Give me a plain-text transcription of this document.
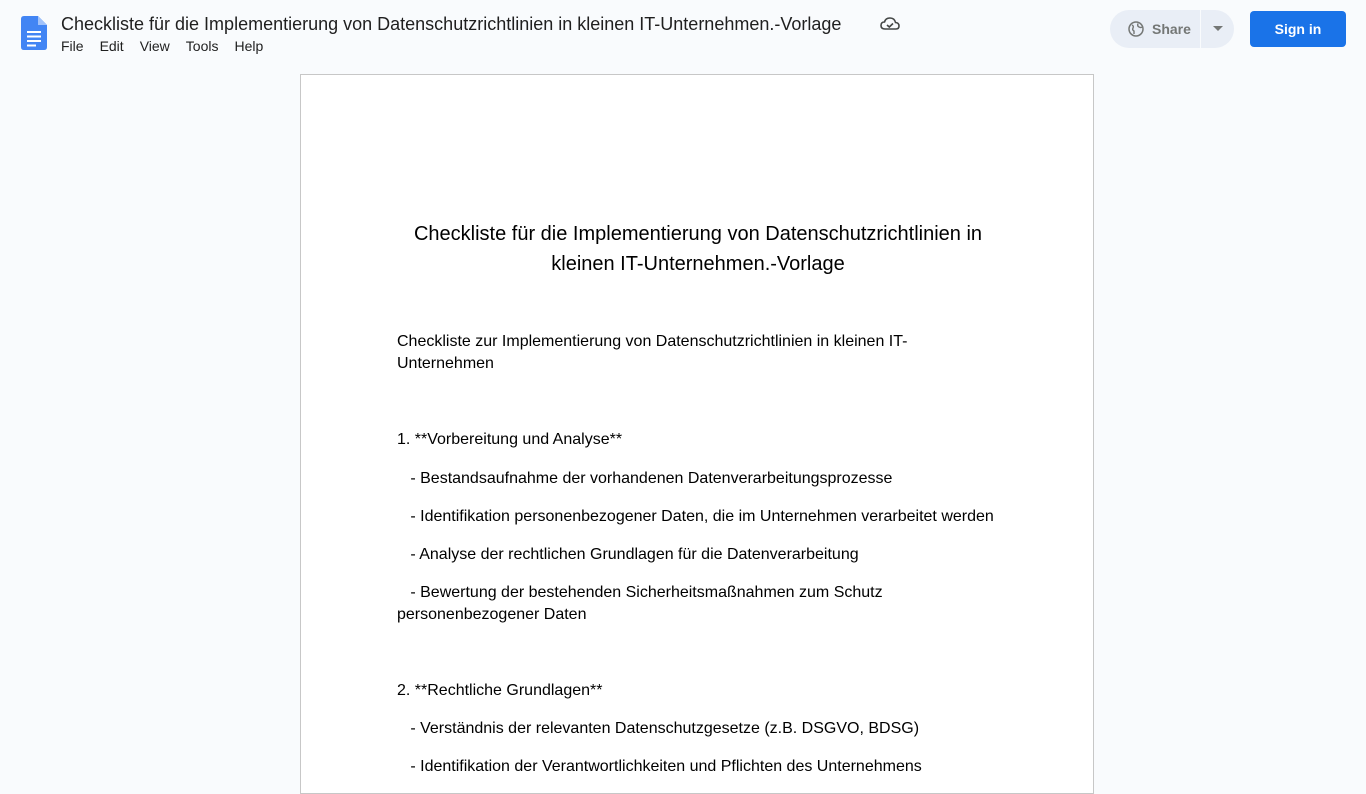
Checkliste für die Implementierung von Datenschutzrichtlinien in kleinen IT-Unternehmen.-Vorlage
File	Edit	View	Tools	Help
Share	Sign in
Checkliste für die Implementierung von Datenschutzrichtlinien in kleinen IT-Unternehmen.-Vorlage
Checkliste zur Implementierung von Datenschutzrichtlinien in kleinen IT-Unternehmen
1. **Vorbereitung und Analyse**
- Bestandsaufnahme der vorhandenen Datenverarbeitungsprozesse
- Identifikation personenbezogener Daten, die im Unternehmen verarbeitet werden
- Analyse der rechtlichen Grundlagen für die Datenverarbeitung
- Bewertung der bestehenden Sicherheitsmaßnahmen zum Schutz personenbezogener Daten
2. **Rechtliche Grundlagen**
- Verständnis der relevanten Datenschutzgesetze (z.B. DSGVO, BDSG)
- Identifikation der Verantwortlichkeiten und Pflichten des Unternehmens
